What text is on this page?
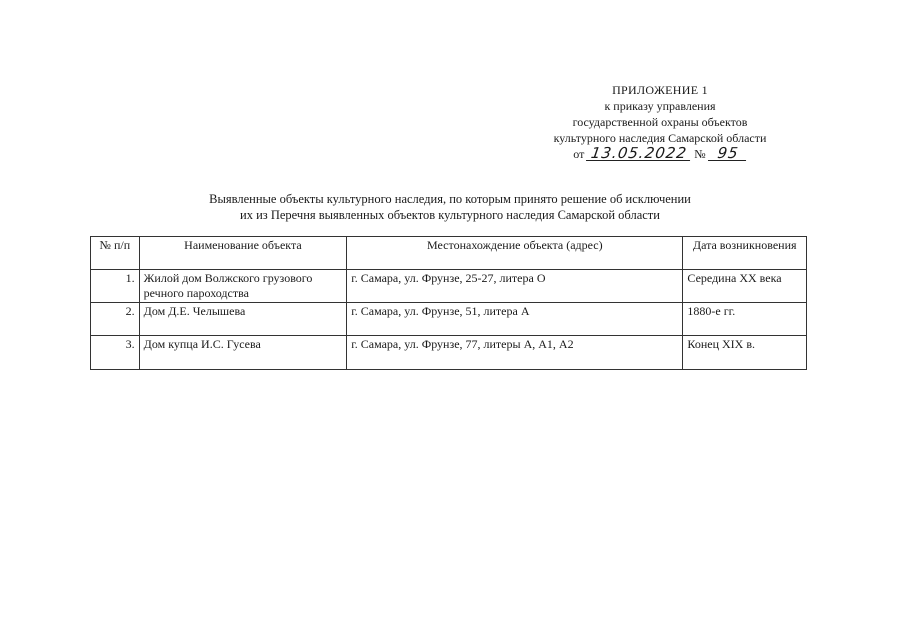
ПРИЛОЖЕНИЕ 1
к приказу управления
государственной охраны объектов
культурного наследия Самарской области
от 13.05.2022 № 95
Выявленные объекты культурного наследия, по которым принято решение об исключении
их из Перечня выявленных объектов культурного наследия Самарской области
№ п/п	Наименование объекта	Местонахождение объекта (адрес)	Дата возникновения
1.	Жилой дом Волжского грузового речного пароходства	г. Самара, ул. Фрунзе, 25-27, литера О	Середина XX века
2.	Дом Д.Е. Челышева	г. Самара, ул. Фрунзе, 51, литера А	1880-е гг.
3.	Дом купца И.С. Гусева	г. Самара, ул. Фрунзе, 77, литеры А, А1, А2	Конец XIX в.
